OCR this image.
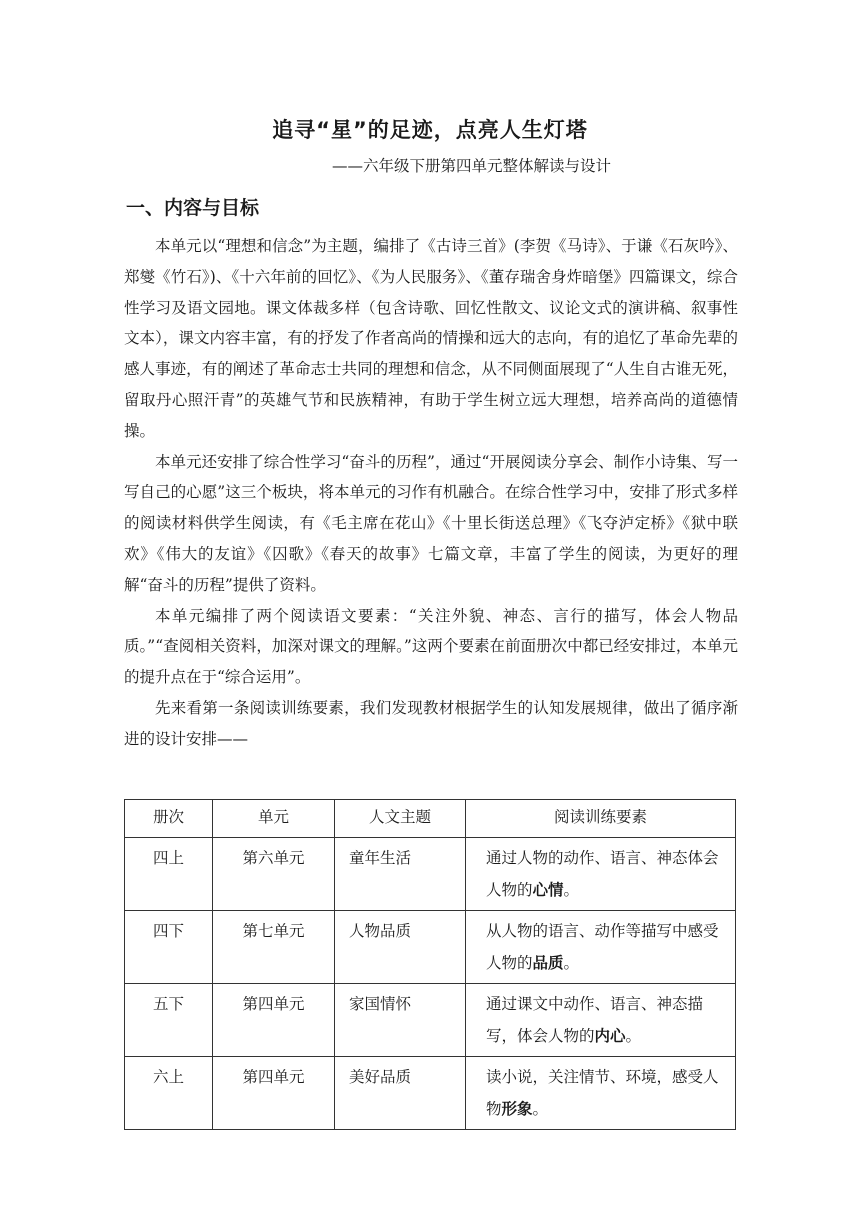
追寻“星”的足迹，点亮人生灯塔
——六年级下册第四单元整体解读与设计
一、内容与目标

本单元以“理想和信念”为主题，编排了《古诗三首》(李贺《马诗》、于谦《石灰吟》、郑燮《竹石》)、《十六年前的回忆》、《为人民服务》、《董存瑞舍身炸暗堡》四篇课文，综合性学习及语文园地。课文体裁多样（包含诗歌、回忆性散文、议论文式的演讲稿、叙事性文本），课文内容丰富，有的抒发了作者高尚的情操和远大的志向，有的追忆了革命先辈的感人事迹，有的阐述了革命志士共同的理想和信念，从不同侧面展现了“人生自古谁无死，留取丹心照汗青”的英雄气节和民族精神，有助于学生树立远大理想，培养高尚的道德情操。

本单元还安排了综合性学习“奋斗的历程”，通过“开展阅读分享会、制作小诗集、写一写自己的心愿”这三个板块，将本单元的习作有机融合。在综合性学习中，安排了形式多样的阅读材料供学生阅读，有《毛主席在花山》《十里长街送总理》《飞夺泸定桥》《狱中联欢》《伟大的友谊》《囚歌》《春天的故事》七篇文章，丰富了学生的阅读，为更好的理解“奋斗的历程”提供了资料。

本单元编排了两个阅读语文要素：“关注外貌、神态、言行的描写，体会人物品质。”“查阅相关资料，加深对课文的理解。”这两个要素在前面册次中都已经安排过，本单元的提升点在于“综合运用”。

先来看第一条阅读训练要素，我们发现教材根据学生的认知发展规律，做出了循序渐进的设计安排——

册次	单元	人文主题	阅读训练要素
四上	第六单元	童年生活	通过人物的动作、语言、神态体会人物的心情。
四下	第七单元	人物品质	从人物的语言、动作等描写中感受人物的品质。
五下	第四单元	家国情怀	通过课文中动作、语言、神态描写，体会人物的内心。
六上	第四单元	美好品质	读小说，关注情节、环境，感受人物形象。
